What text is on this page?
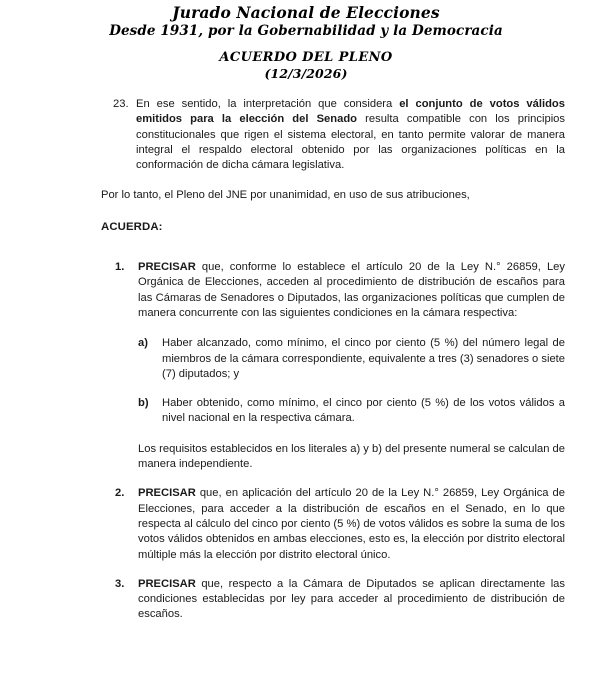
Jurado Nacional de Elecciones
Desde 1931, por la Gobernabilidad y la Democracia
ACUERDO DEL PLENO
(12/3/2026)
23. En ese sentido, la interpretación que considera el conjunto de votos válidos emitidos para la elección del Senado resulta compatible con los principios constitucionales que rigen el sistema electoral, en tanto permite valorar de manera integral el respaldo electoral obtenido por las organizaciones políticas en la conformación de dicha cámara legislativa.

Por lo tanto, el Pleno del JNE por unanimidad, en uso de sus atribuciones,

ACUERDA:
1.	PRECISAR que, conforme lo establece el artículo 20 de la Ley N.° 26859, Ley Orgánica de Elecciones, acceden al procedimiento de distribución de escaños para las Cámaras de Senadores o Diputados, las organizaciones políticas que cumplen de manera concurrente con las siguientes condiciones en la cámara respectiva:

a)	Haber alcanzado, como mínimo, el cinco por ciento (5 %) del número legal de miembros de la cámara correspondiente, equivalente a tres (3) senadores o siete (7) diputados; y
b)	Haber obtenido, como mínimo, el cinco por ciento (5 %) de los votos válidos a nivel nacional en la respectiva cámara.

Los requisitos establecidos en los literales a) y b) del presente numeral se calculan de manera independiente.

2.	PRECISAR que, en aplicación del artículo 20 de la Ley N.° 26859, Ley Orgánica de Elecciones, para acceder a la distribución de escaños en el Senado, en lo que respecta al cálculo del cinco por ciento (5 %) de votos válidos es sobre la suma de los votos válidos obtenidos en ambas elecciones, esto es, la elección por distrito electoral múltiple más la elección por distrito electoral único.

3.	PRECISAR que, respecto a la Cámara de Diputados se aplican directamente las condiciones establecidas por ley para acceder al procedimiento de distribución de escaños.
